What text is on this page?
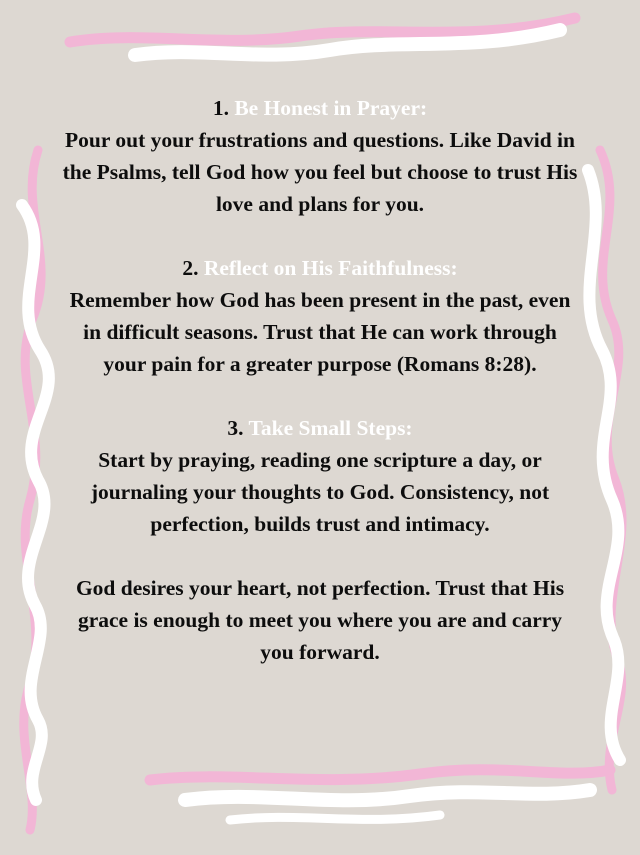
1. Be Honest in Prayer:
Pour out your frustrations and questions. Like David in the Psalms, tell God how you feel but choose to trust His love and plans for you.
2. Reflect on His Faithfulness:
Remember how God has been present in the past, even in difficult seasons. Trust that He can work through your pain for a greater purpose (Romans 8:28).
3. Take Small Steps:
Start by praying, reading one scripture a day, or journaling your thoughts to God. Consistency, not perfection, builds trust and intimacy.

God desires your heart, not perfection. Trust that His grace is enough to meet you where you are and carry you forward.
